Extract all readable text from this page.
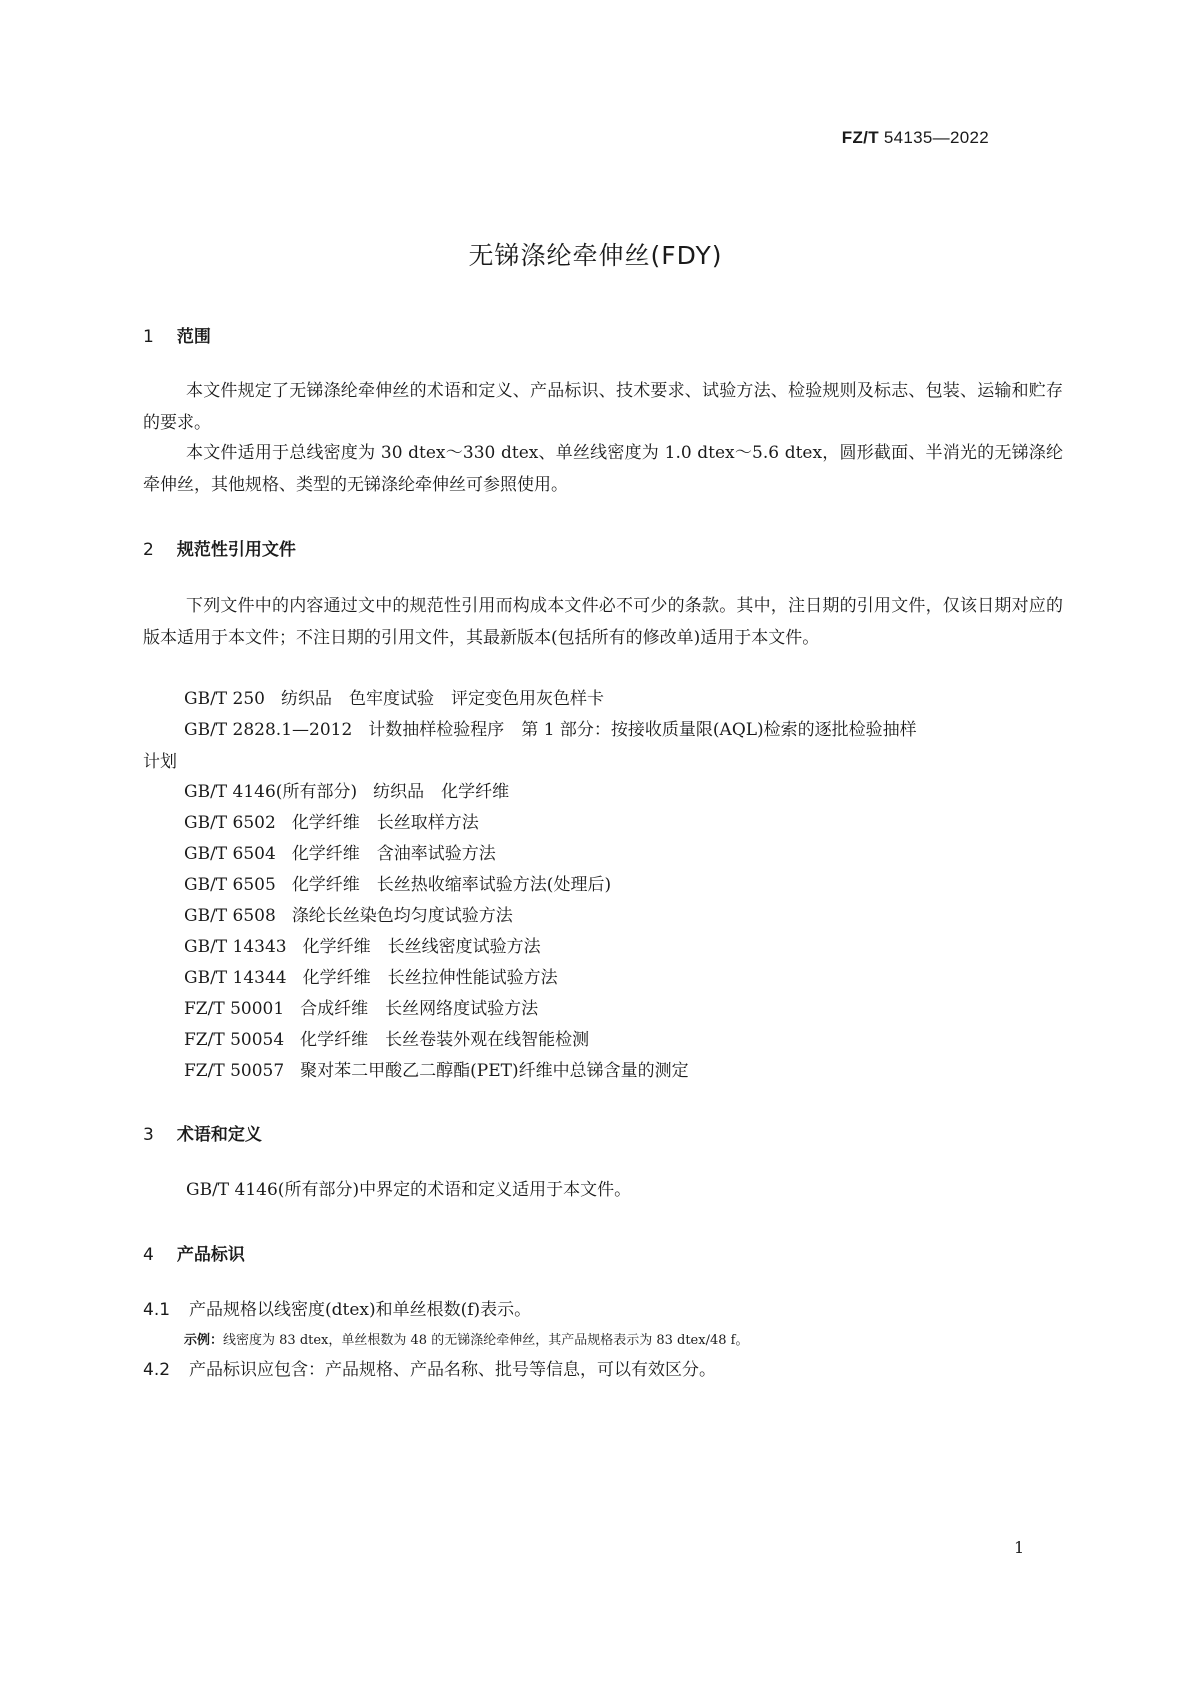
FZ/T 54135—2022
无锑涤纶牵伸丝(FDY)
1 范围
本文件规定了无锑涤纶牵伸丝的术语和定义、产品标识、技术要求、试验方法、检验规则及标志、包装、运输和贮存的要求。
本文件适用于总线密度为 30 dtex～330 dtex、单丝线密度为 1.0 dtex～5.6 dtex，圆形截面、半消光的无锑涤纶牵伸丝，其他规格、类型的无锑涤纶牵伸丝可参照使用。
2 规范性引用文件
下列文件中的内容通过文中的规范性引用而构成本文件必不可少的条款。其中，注日期的引用文件，仅该日期对应的版本适用于本文件；不注日期的引用文件，其最新版本(包括所有的修改单)适用于本文件。
GB/T 250 纺织品　色牢度试验　评定变色用灰色样卡
GB/T 2828.1—2012 计数抽样检验程序　第 1 部分：按接收质量限(AQL)检索的逐批检验抽样
计划
GB/T 4146(所有部分) 纺织品　化学纤维
GB/T 6502 化学纤维　长丝取样方法
GB/T 6504 化学纤维　含油率试验方法
GB/T 6505 化学纤维　长丝热收缩率试验方法(处理后)
GB/T 6508 涤纶长丝染色均匀度试验方法
GB/T 14343 化学纤维　长丝线密度试验方法
GB/T 14344 化学纤维　长丝拉伸性能试验方法
FZ/T 50001 合成纤维　长丝网络度试验方法
FZ/T 50054 化学纤维　长丝卷装外观在线智能检测
FZ/T 50057 聚对苯二甲酸乙二醇酯(PET)纤维中总锑含量的测定
3 术语和定义
GB/T 4146(所有部分)中界定的术语和定义适用于本文件。
4 产品标识
4.1 产品规格以线密度(dtex)和单丝根数(f)表示。
示例：线密度为 83 dtex，单丝根数为 48 的无锑涤纶牵伸丝，其产品规格表示为 83 dtex/48 f。
4.2 产品标识应包含：产品规格、产品名称、批号等信息，可以有效区分。
1
